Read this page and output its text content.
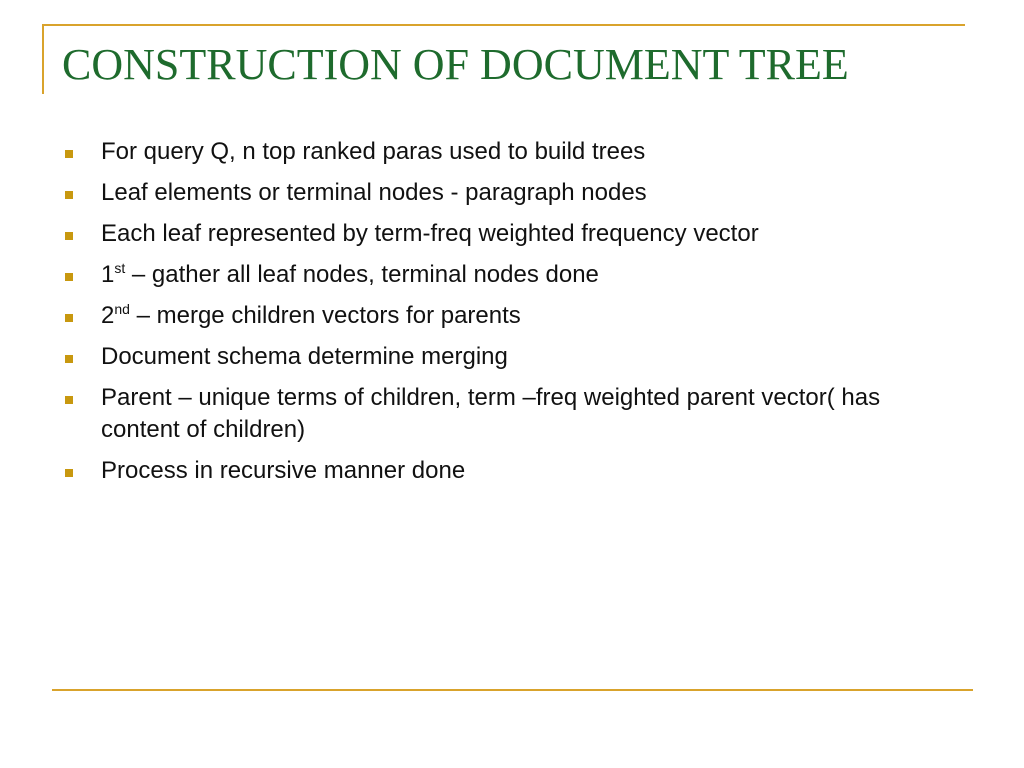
CONSTRUCTION OF DOCUMENT TREE
For query Q, n top ranked paras used to build trees
Leaf elements or terminal nodes - paragraph nodes
Each leaf represented by term-freq weighted frequency vector
1st – gather all leaf nodes, terminal nodes done
2nd – merge children vectors for parents
Document schema determine merging
Parent – unique terms of children, term –freq weighted parent vector( has content of children)
Process in recursive manner done
